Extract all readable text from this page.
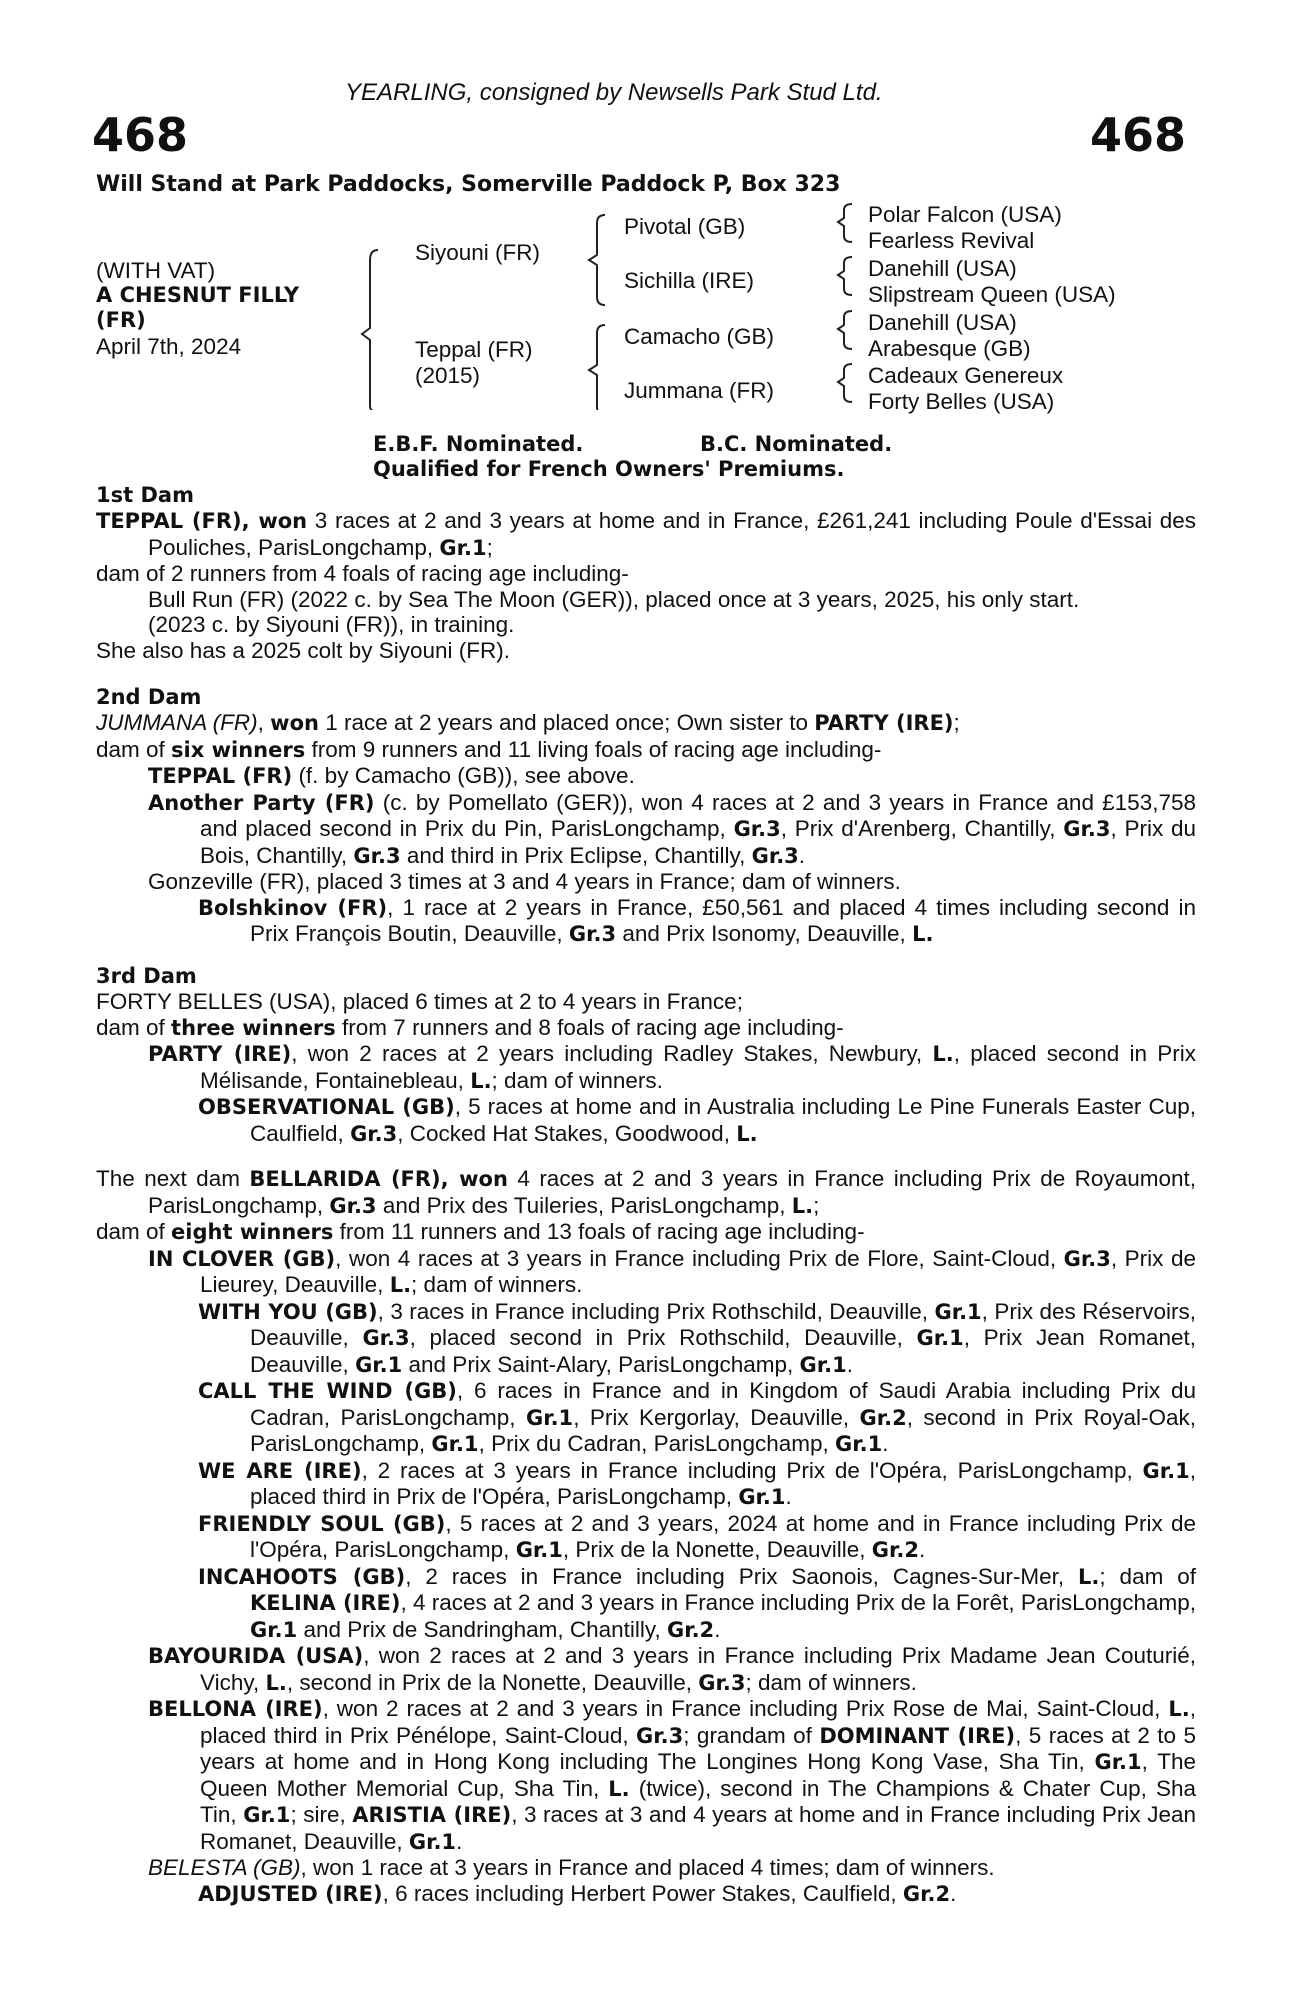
YEARLING, consigned by Newsells Park Stud Ltd.
468	468
Will Stand at Park Paddocks, Somerville Paddock P, Box 323
(WITH VAT)
A CHESNUT FILLY
(FR)
April 7th, 2024
Siyouni (FR)
Teppal (FR)
(2015)
Pivotal (GB)
Sichilla (IRE)
Camacho (GB)
Jummana (FR)
Polar Falcon (USA)
Fearless Revival
Danehill (USA)
Slipstream Queen (USA)
Danehill (USA)
Arabesque (GB)
Cadeaux Genereux
Forty Belles (USA)
E.B.F. Nominated.	B.C. Nominated.
Qualified for French Owners' Premiums.
1st Dam
TEPPAL (FR), won 3 races at 2 and 3 years at home and in France, £261,241 including Poule d'Essai des Pouliches, ParisLongchamp, Gr.1;
dam of 2 runners from 4 foals of racing age including-
Bull Run (FR) (2022 c. by Sea The Moon (GER)), placed once at 3 years, 2025, his only start.
(2023 c. by Siyouni (FR)), in training.
She also has a 2025 colt by Siyouni (FR).
2nd Dam
JUMMANA (FR), won 1 race at 2 years and placed once; Own sister to PARTY (IRE);
dam of six winners from 9 runners and 11 living foals of racing age including-
TEPPAL (FR) (f. by Camacho (GB)), see above.
Another Party (FR) (c. by Pomellato (GER)), won 4 races at 2 and 3 years in France and £153,758 and placed second in Prix du Pin, ParisLongchamp, Gr.3, Prix d'Arenberg, Chantilly, Gr.3, Prix du Bois, Chantilly, Gr.3 and third in Prix Eclipse, Chantilly, Gr.3.
Gonzeville (FR), placed 3 times at 3 and 4 years in France; dam of winners.
Bolshkinov (FR), 1 race at 2 years in France, £50,561 and placed 4 times including second in Prix François Boutin, Deauville, Gr.3 and Prix Isonomy, Deauville, L.
3rd Dam
FORTY BELLES (USA), placed 6 times at 2 to 4 years in France;
dam of three winners from 7 runners and 8 foals of racing age including-
PARTY (IRE), won 2 races at 2 years including Radley Stakes, Newbury, L., placed second in Prix Mélisande, Fontainebleau, L.; dam of winners.
OBSERVATIONAL (GB), 5 races at home and in Australia including Le Pine Funerals Easter Cup, Caulfield, Gr.3, Cocked Hat Stakes, Goodwood, L.
The next dam BELLARIDA (FR), won 4 races at 2 and 3 years in France including Prix de Royaumont, ParisLongchamp, Gr.3 and Prix des Tuileries, ParisLongchamp, L.;
dam of eight winners from 11 runners and 13 foals of racing age including-
IN CLOVER (GB), won 4 races at 3 years in France including Prix de Flore, Saint-Cloud, Gr.3, Prix de Lieurey, Deauville, L.; dam of winners.
WITH YOU (GB), 3 races in France including Prix Rothschild, Deauville, Gr.1, Prix des Réservoirs, Deauville, Gr.3, placed second in Prix Rothschild, Deauville, Gr.1, Prix Jean Romanet, Deauville, Gr.1 and Prix Saint-Alary, ParisLongchamp, Gr.1.
CALL THE WIND (GB), 6 races in France and in Kingdom of Saudi Arabia including Prix du Cadran, ParisLongchamp, Gr.1, Prix Kergorlay, Deauville, Gr.2, second in Prix Royal-Oak, ParisLongchamp, Gr.1, Prix du Cadran, ParisLongchamp, Gr.1.
WE ARE (IRE), 2 races at 3 years in France including Prix de l'Opéra, ParisLongchamp, Gr.1, placed third in Prix de l'Opéra, ParisLongchamp, Gr.1.
FRIENDLY SOUL (GB), 5 races at 2 and 3 years, 2024 at home and in France including Prix de l'Opéra, ParisLongchamp, Gr.1, Prix de la Nonette, Deauville, Gr.2.
INCAHOOTS (GB), 2 races in France including Prix Saonois, Cagnes-Sur-Mer, L.; dam of KELINA (IRE), 4 races at 2 and 3 years in France including Prix de la Forêt, ParisLongchamp, Gr.1 and Prix de Sandringham, Chantilly, Gr.2.
BAYOURIDA (USA), won 2 races at 2 and 3 years in France including Prix Madame Jean Couturié, Vichy, L., second in Prix de la Nonette, Deauville, Gr.3; dam of winners.
BELLONA (IRE), won 2 races at 2 and 3 years in France including Prix Rose de Mai, Saint-Cloud, L., placed third in Prix Pénélope, Saint-Cloud, Gr.3; grandam of DOMINANT (IRE), 5 races at 2 to 5 years at home and in Hong Kong including The Longines Hong Kong Vase, Sha Tin, Gr.1, The Queen Mother Memorial Cup, Sha Tin, L. (twice), second in The Champions & Chater Cup, Sha Tin, Gr.1; sire, ARISTIA (IRE), 3 races at 3 and 4 years at home and in France including Prix Jean Romanet, Deauville, Gr.1.
BELESTA (GB), won 1 race at 3 years in France and placed 4 times; dam of winners.
ADJUSTED (IRE), 6 races including Herbert Power Stakes, Caulfield, Gr.2.
